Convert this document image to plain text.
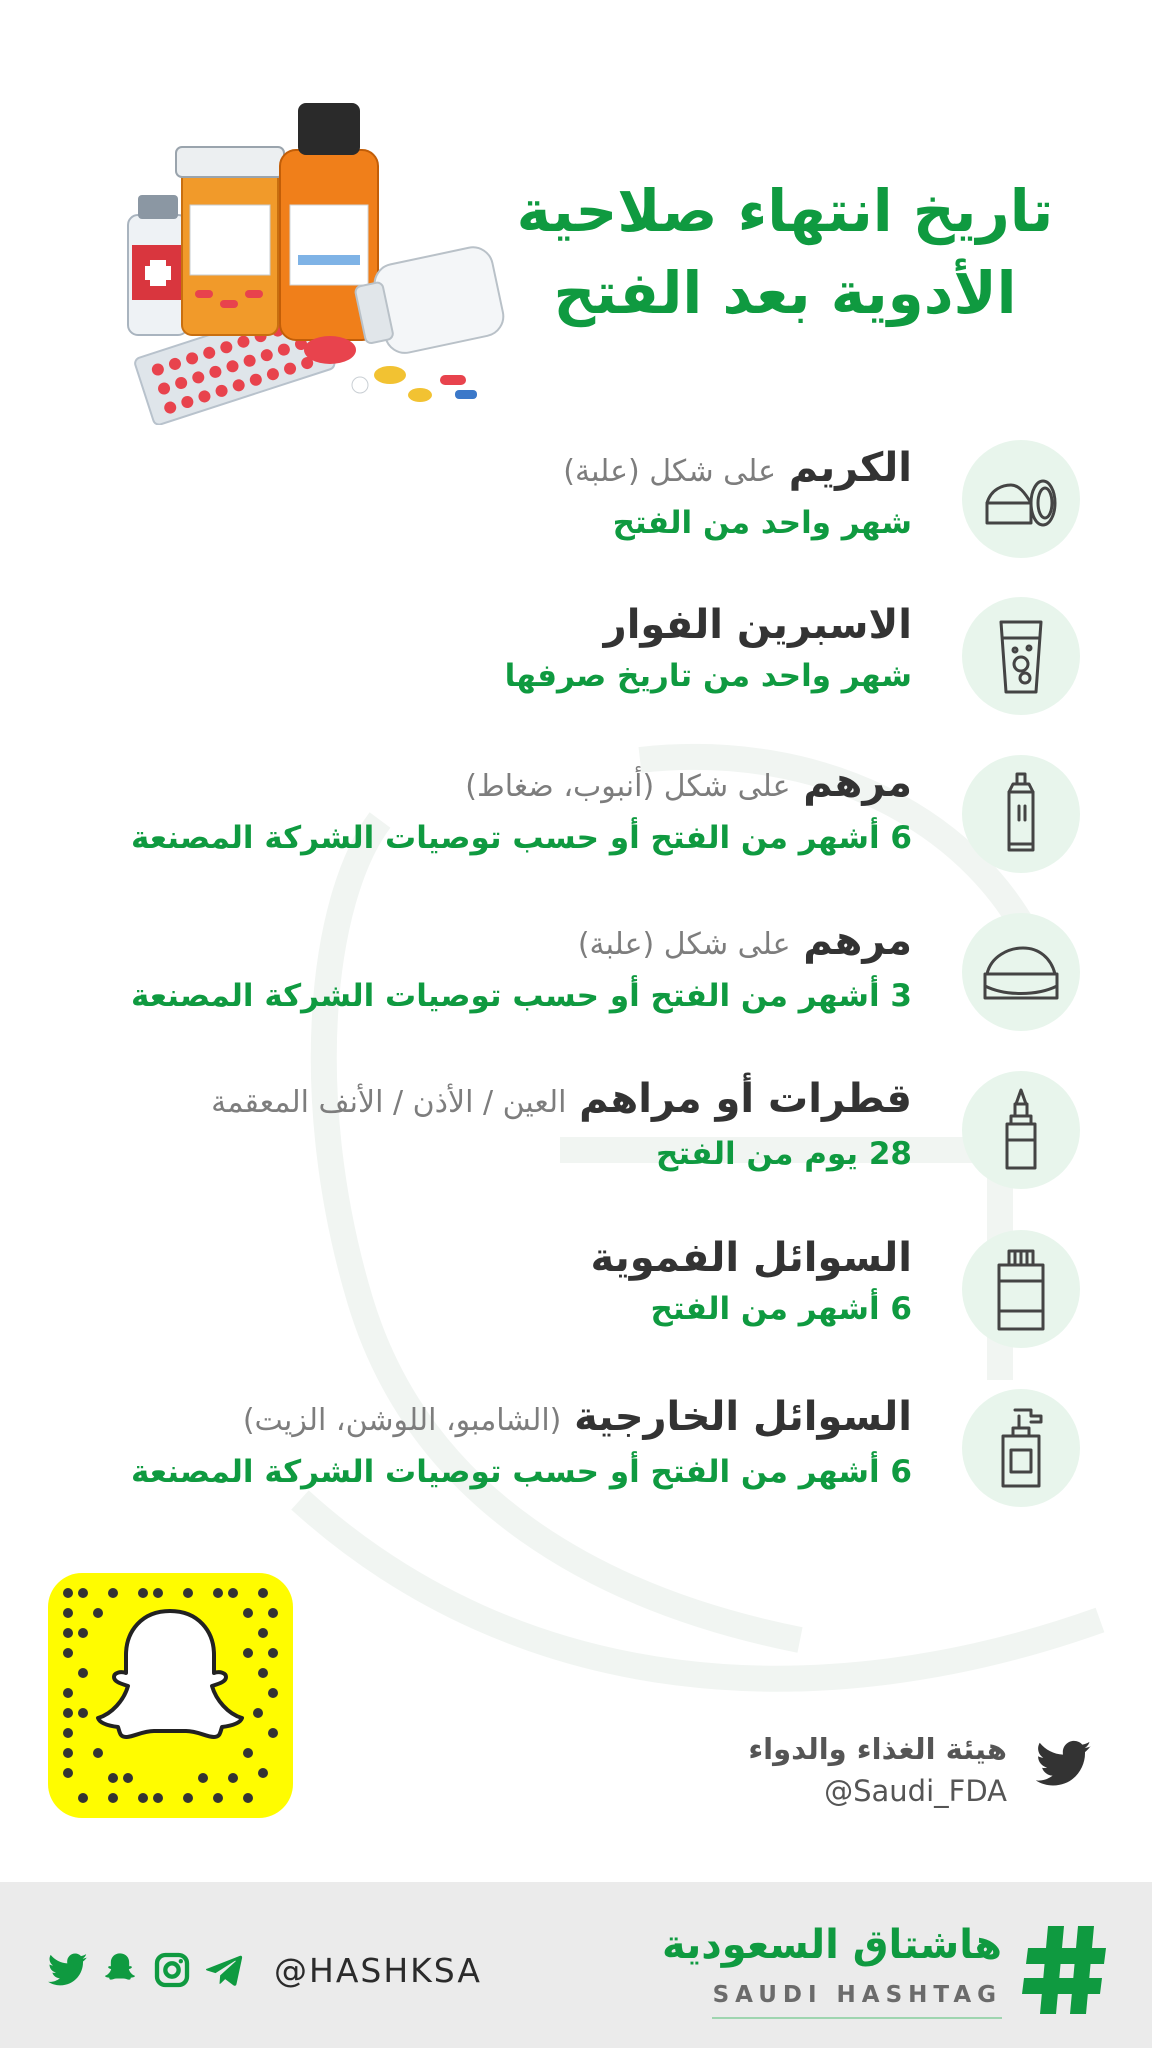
تاريخ انتهاء صلاحية
الأدوية بعد الفتح
الكريم على شكل (علبة)
شهر واحد من الفتح
الاسبرين الفوار
شهر واحد من تاريخ صرفها
مرهم على شكل (أنبوب، ضغاط)
6 أشهر من الفتح أو حسب توصيات الشركة المصنعة
مرهم على شكل (علبة)
3 أشهر من الفتح أو حسب توصيات الشركة المصنعة
قطرات أو مراهم العين / الأذن / الأنف المعقمة
28 يوم من الفتح
السوائل الفموية
6 أشهر من الفتح
السوائل الخارجية (الشامبو، اللوشن، الزيت)
6 أشهر من الفتح أو حسب توصيات الشركة المصنعة
هيئة الغذاء والدواء
@Saudi_FDA
@HASHKSA
هاشتاق السعودية
SAUDI HASHTAG
